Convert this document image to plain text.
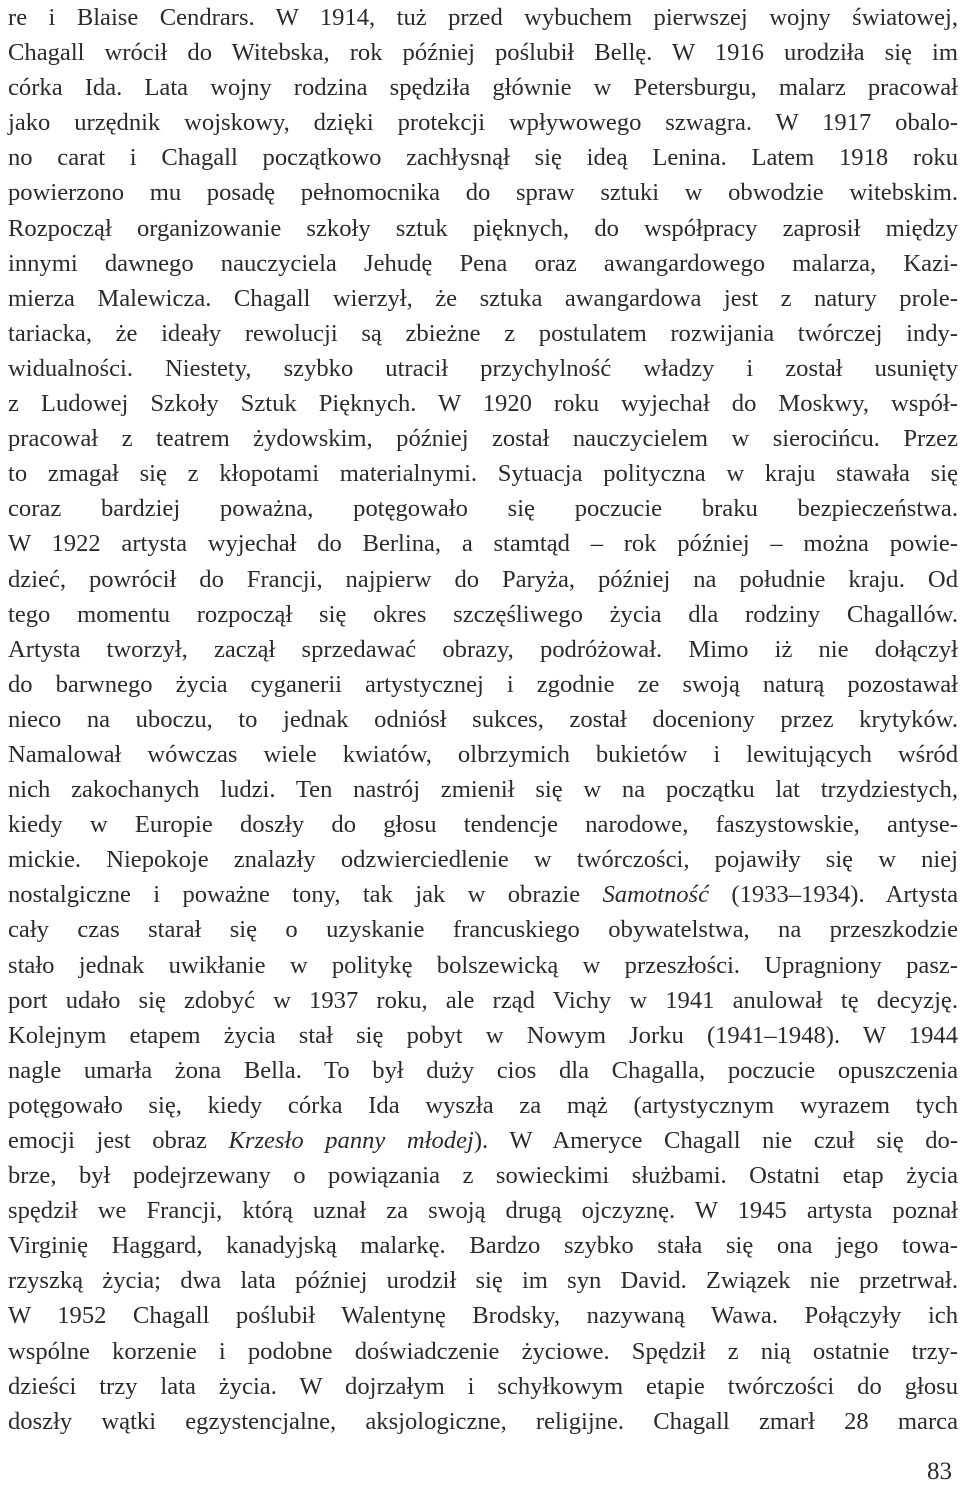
re i Blaise Cendrars. W 1914, tuż przed wybuchem pierwszej wojny światowej,
Chagall wrócił do Witebska, rok później poślubił Bellę. W 1916 urodziła się im
córka Ida. Lata wojny rodzina spędziła głównie w Petersburgu, malarz pracował
jako urzędnik wojskowy, dzięki protekcji wpływowego szwagra. W 1917 obalo-
no carat i Chagall początkowo zachłysnął się ideą Lenina. Latem 1918 roku
powierzono mu posadę pełnomocnika do spraw sztuki w obwodzie witebskim.
Rozpoczął organizowanie szkoły sztuk pięknych, do współpracy zaprosił między
innymi dawnego nauczyciela Jehudę Pena oraz awangardowego malarza, Kazi-
mierza Malewicza. Chagall wierzył, że sztuka awangardowa jest z natury prole-
tariacka, że ideały rewolucji są zbieżne z postulatem rozwijania twórczej indy-
widualności. Niestety, szybko utracił przychylność władzy i został usunięty
z Ludowej Szkoły Sztuk Pięknych. W 1920 roku wyjechał do Moskwy, współ-
pracował z teatrem żydowskim, później został nauczycielem w sierocińcu. Przez
to zmagał się z kłopotami materialnymi. Sytuacja polityczna w kraju stawała się
coraz bardziej poważna, potęgowało się poczucie braku bezpieczeństwa.
W 1922 artysta wyjechał do Berlina, a stamtąd – rok później – można powie-
dzieć, powrócił do Francji, najpierw do Paryża, później na południe kraju. Od
tego momentu rozpoczął się okres szczęśliwego życia dla rodziny Chagallów.
Artysta tworzył, zaczął sprzedawać obrazy, podróżował. Mimo iż nie dołączył
do barwnego życia cyganerii artystycznej i zgodnie ze swoją naturą pozostawał
nieco na uboczu, to jednak odniósł sukces, został doceniony przez krytyków.
Namalował wówczas wiele kwiatów, olbrzymich bukietów i lewitujących wśród
nich zakochanych ludzi. Ten nastrój zmienił się w na początku lat trzydziestych,
kiedy w Europie doszły do głosu tendencje narodowe, faszystowskie, antyse-
mickie. Niepokoje znalazły odzwierciedlenie w twórczości, pojawiły się w niej
nostalgiczne i poważne tony, tak jak w obrazie Samotność (1933–1934). Artysta
cały czas starał się o uzyskanie francuskiego obywatelstwa, na przeszkodzie
stało jednak uwikłanie w politykę bolszewicką w przeszłości. Upragniony pasz-
port udało się zdobyć w 1937 roku, ale rząd Vichy w 1941 anulował tę decyzję.
Kolejnym etapem życia stał się pobyt w Nowym Jorku (1941–1948). W 1944
nagle umarła żona Bella. To był duży cios dla Chagalla, poczucie opuszczenia
potęgowało się, kiedy córka Ida wyszła za mąż (artystycznym wyrazem tych
emocji jest obraz Krzesło panny młodej). W Ameryce Chagall nie czuł się do-
brze, był podejrzewany o powiązania z sowieckimi służbami. Ostatni etap życia
spędził we Francji, którą uznał za swoją drugą ojczyznę. W 1945 artysta poznał
Virginię Haggard, kanadyjską malarkę. Bardzo szybko stała się ona jego towa-
rzyszką życia; dwa lata później urodził się im syn David. Związek nie przetrwał.
W 1952 Chagall poślubił Walentynę Brodsky, nazywaną Wawa. Połączyły ich
wspólne korzenie i podobne doświadczenie życiowe. Spędził z nią ostatnie trzy-
dzieści trzy lata życia. W dojrzałym i schyłkowym etapie twórczości do głosu
doszły wątki egzystencjalne, aksjologiczne, religijne. Chagall zmarł 28 marca
83
